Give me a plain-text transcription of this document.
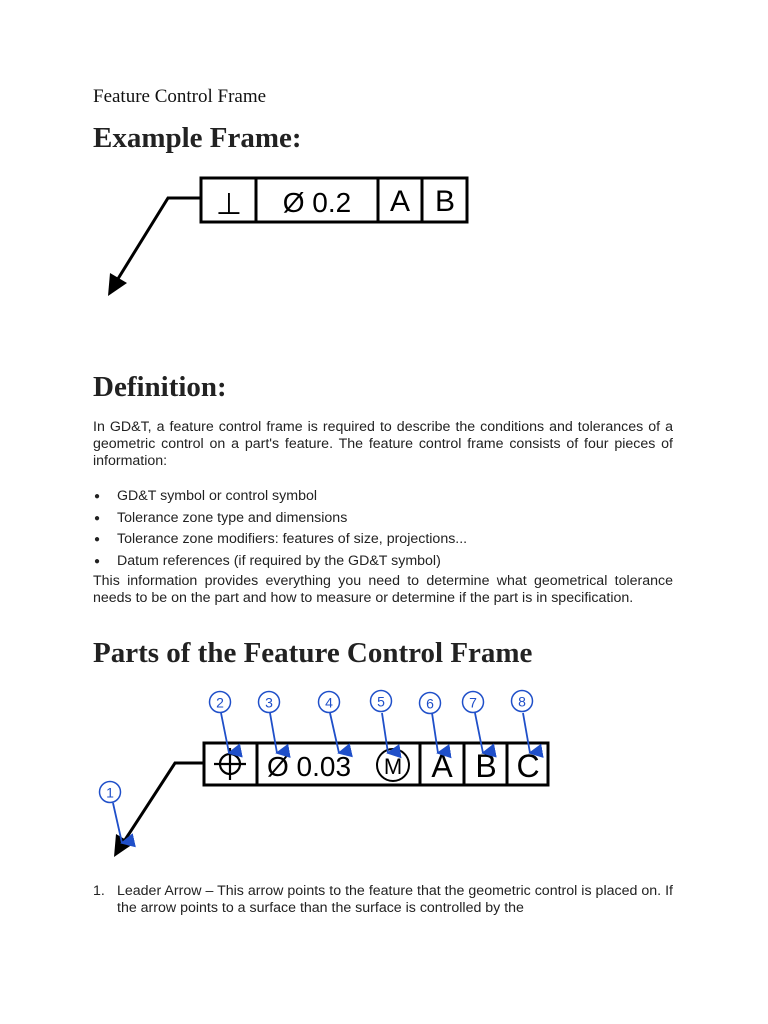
Feature Control Frame
Example Frame:
⊥ Ø 0.2 A B
Definition:

In GD&T, a feature control frame is required to describe the conditions and tolerances of a geometric control on a part's feature. The feature control frame consists of four pieces of information:

● GD&T symbol or control symbol
● Tolerance zone type and dimensions
● Tolerance zone modifiers: features of size, projections...
● Datum references (if required by the GD&T symbol)

This information provides everything you need to determine what geometrical tolerance needs to be on the part and how to measure or determine if the part is in specification.

Parts of the Feature Control Frame
Ø 0.03 M A B C
2	3	4	5	6	7	8
1
1. Leader Arrow – This arrow points to the feature that the geometric control is placed on. If the arrow points to a surface than the surface is controlled by the
